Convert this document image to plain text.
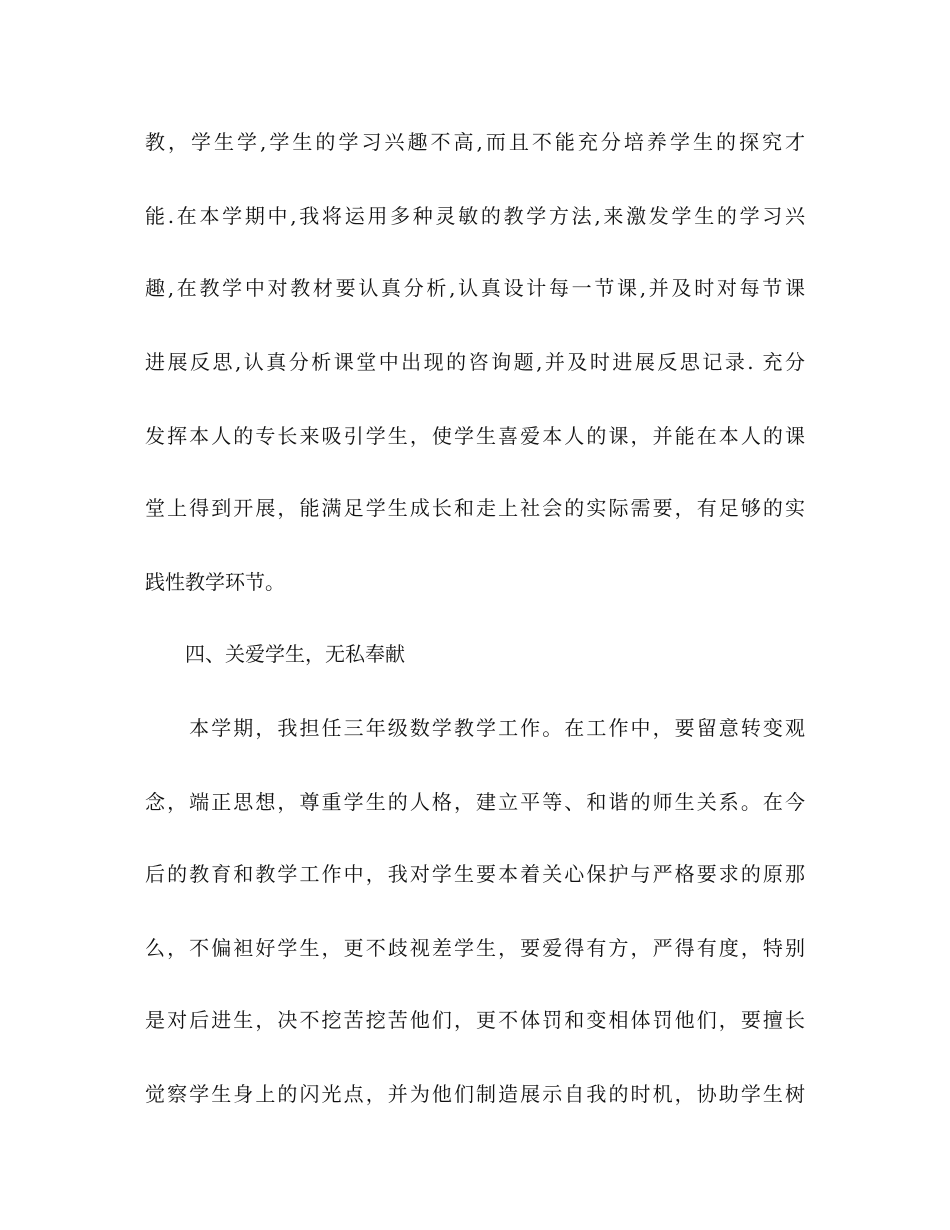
教，学生学,学生的学习兴趣不高,而且不能充分培养学生的探究才
能.在本学期中,我将运用多种灵敏的教学方法,来激发学生的学习兴
趣,在教学中对教材要认真分析,认真设计每一节课,并及时对每节课
进展反思,认真分析课堂中出现的咨询题,并及时进展反思记录. 充分
发挥本人的专长来吸引学生，使学生喜爱本人的课，并能在本人的课
堂上得到开展，能满足学生成长和走上社会的实际需要，有足够的实
践性教学环节。
　　四、关爱学生，无私奉献
　　本学期，我担任三年级数学教学工作。在工作中，要留意转变观
念，端正思想，尊重学生的人格，建立平等、和谐的师生关系。在今
后的教育和教学工作中，我对学生要本着关心保护与严格要求的原那
么，不偏袒好学生，更不歧视差学生，要爱得有方，严得有度，特别
是对后进生，决不挖苦挖苦他们，更不体罚和变相体罚他们，要擅长
觉察学生身上的闪光点，并为他们制造展示自我的时机，协助学生树
